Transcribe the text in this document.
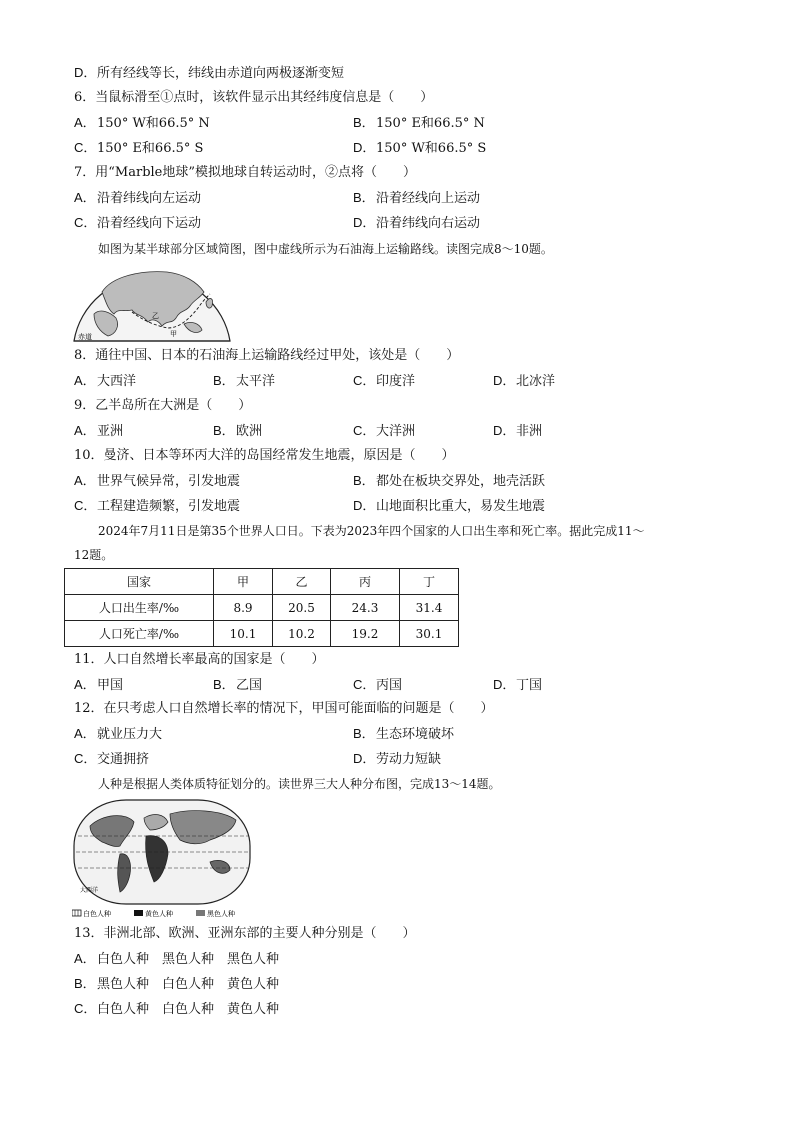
D．所有经线等长，纬线由赤道向两极逐渐变短
6．当鼠标滑至①点时，该软件显示出其经纬度信息是（　　）
A．150° W和66.5° N	B．150° E和66.5° N
C．150° E和66.5° S	D．150° W和66.5° S
7．用“Marble地球”模拟地球自转运动时，②点将（　　）
A．沿着纬线向左运动	B．沿着经线向上运动
C．沿着经线向下运动	D．沿着纬线向右运动
如图为某半球部分区域简图，图中虚线所示为石油海上运输路线。读图完成8～10题。
赤道	甲
乙
8．通往中国、日本的石油海上运输路线经过甲处，该处是（　　）
A．大西洋	B．太平洋	C．印度洋	D．北冰洋
9．乙半岛所在大洲是（　　）
A．亚洲	B．欧洲	C．大洋洲	D．非洲
10．曼济、日本等环丙大洋的岛国经常发生地震，原因是（　　）
A．世界气候异常，引发地震	B．都处在板块交界处，地壳活跃
C．工程建造频繁，引发地震	D．山地面积比重大，易发生地震
2024年7月11日是第35个世界人口日。下表为2023年四个国家的人口出生率和死亡率。据此完成11～
12题。
国家	甲	乙	丙	丁
人口出生率/‰	8.9	20.5	24.3	31.4
人口死亡率/‰	10.1	10.2	19.2	30.1
11．人口自然增长率最高的国家是（　　）
A．甲国	B．乙国	C．丙国	D．丁国
12．在只考虑人口自然增长率的情况下，甲国可能面临的问题是（　　）
A．就业压力大	B．生态环境破坏
C．交通拥挤	D．劳动力短缺
人种是根据人类体质特征划分的。读世界三大人种分布图，完成13～14题。
大西洋
白色人种	黄色人种	黑色人种
13．非洲北部、欧洲、亚洲东部的主要人种分别是（　　）
A．白色人种　黑色人种　黑色人种
B．黑色人种　白色人种　黄色人种
C．白色人种　白色人种　黄色人种
